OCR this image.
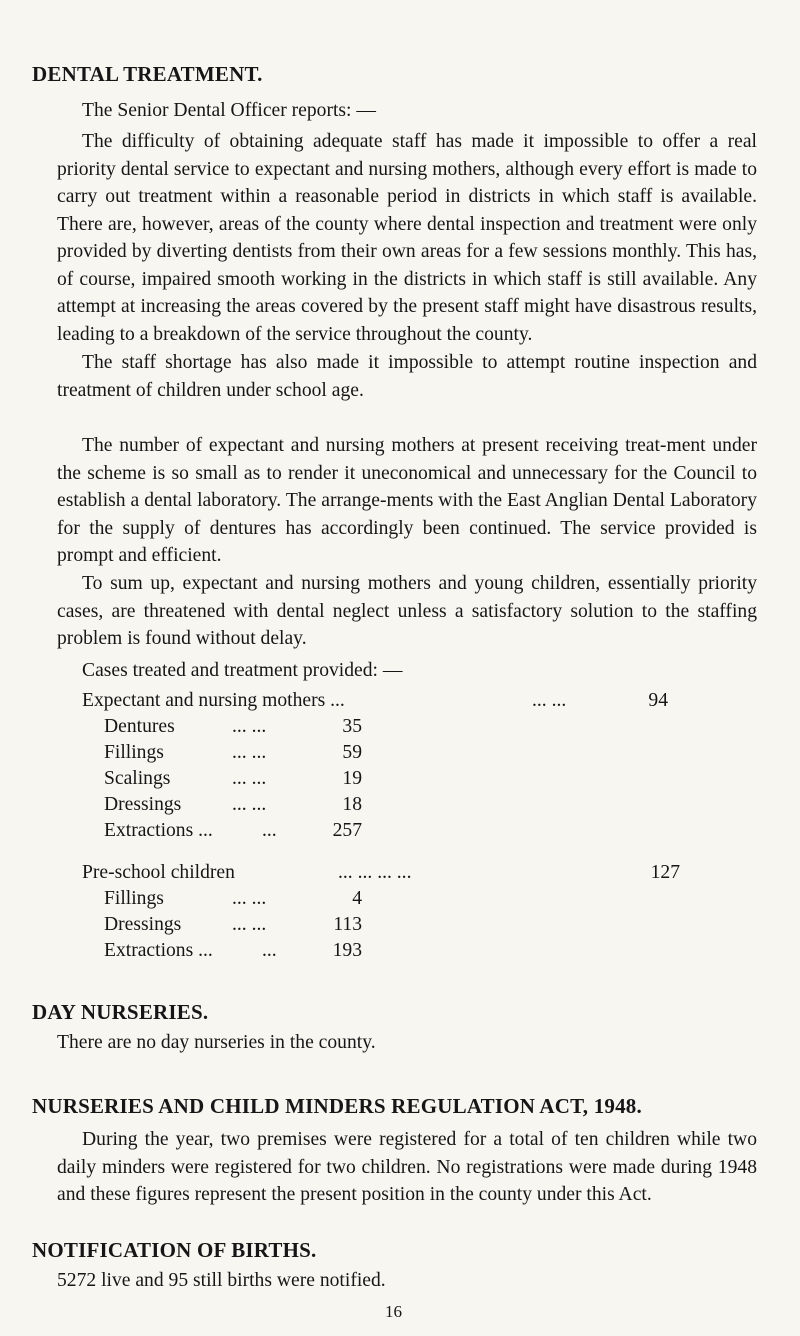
DENTAL TREATMENT.
The Senior Dental Officer reports: —
The difficulty of obtaining adequate staff has made it impossible to offer a real priority dental service to expectant and nursing mothers, although every effort is made to carry out treatment within a reasonable period in districts in which staff is available. There are, however, areas of the county where dental inspection and treatment were only provided by diverting dentists from their own areas for a few sessions monthly. This has, of course, impaired smooth working in the districts in which staff is still available. Any attempt at increasing the areas covered by the present staff might have disastrous results, leading to a breakdown of the service throughout the county.
The staff shortage has also made it impossible to attempt routine inspection and treatment of children under school age.
The number of expectant and nursing mothers at present receiving treat-ment under the scheme is so small as to render it uneconomical and unnecessary for the Council to establish a dental laboratory. The arrange-ments with the East Anglian Dental Laboratory for the supply of dentures has accordingly been continued. The service provided is prompt and efficient.
To sum up, expectant and nursing mothers and young children, essentially priority cases, are threatened with dental neglect unless a satisfactory solution to the staffing problem is found without delay.
Cases treated and treatment provided: —
Expectant and nursing mothers ...	... ...	94
Dentures	... ...	35
Fillings	... ...	59
Scalings	... ...	19
Dressings	... ...	18
Extractions ...	...	257
Pre-school children	... ... ... ...	127
Fillings	... ...	4
Dressings	... ...	113
Extractions ...	...	193
DAY NURSERIES.
There are no day nurseries in the county.
NURSERIES AND CHILD MINDERS REGULATION ACT, 1948.
During the year, two premises were registered for a total of ten children while two daily minders were registered for two children. No registrations were made during 1948 and these figures represent the present position in the county under this Act.
NOTIFICATION OF BIRTHS.
5272 live and 95 still births were notified.
16
